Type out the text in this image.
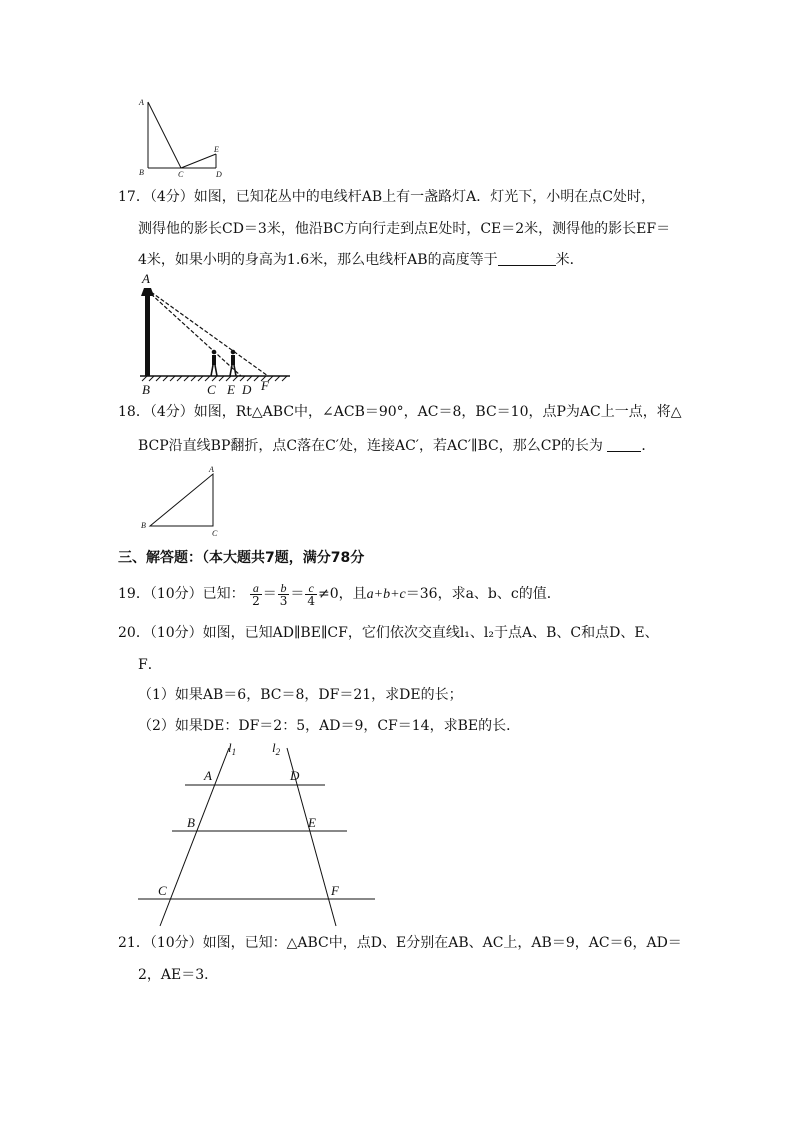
A
B	C	D
E
17．（4分）如图，已知花丛中的电线杆AB上有一盏路灯A．灯光下，小明在点C处时，
测得他的影长CD＝3米，他沿BC方向行走到点E处时，CE＝2米，测得他的影长EF＝
4米，如果小明的身高为1.6米，那么电线杆AB的高度等于	米．
A
B	C E D F
18．（4分）如图，Rt△ABC中，∠ACB＝90°，AC＝8，BC＝10，点P为AC上一点，将△
BCP沿直线BP翻折，点C落在C′处，连接AC′，若AC′∥BC，那么CP的长为	．
A
B
C
三、解答题：（本大题共7题，满分78分
19．（10分）已知： $\frac{a}{2} = \frac{b}{3} = \frac{c}{4} \ne 0$，且a+b+c＝36，求a、b、c的值．
20．（10分）如图，已知AD∥BE∥CF，它们依次交直线l₁、l₂于点A、B、C和点D、E、
F．
（1）如果AB＝6，BC＝8，DF＝21，求DE的长；
（2）如果DE：DF＝2：5，AD＝9，CF＝14，求BE的长．
$l_1$	$l_2$
A	D
B	E
C	F
21．（10分）如图，已知：△ABC中，点D、E分别在AB、AC上，AB＝9，AC＝6，AD＝
2，AE＝3．
